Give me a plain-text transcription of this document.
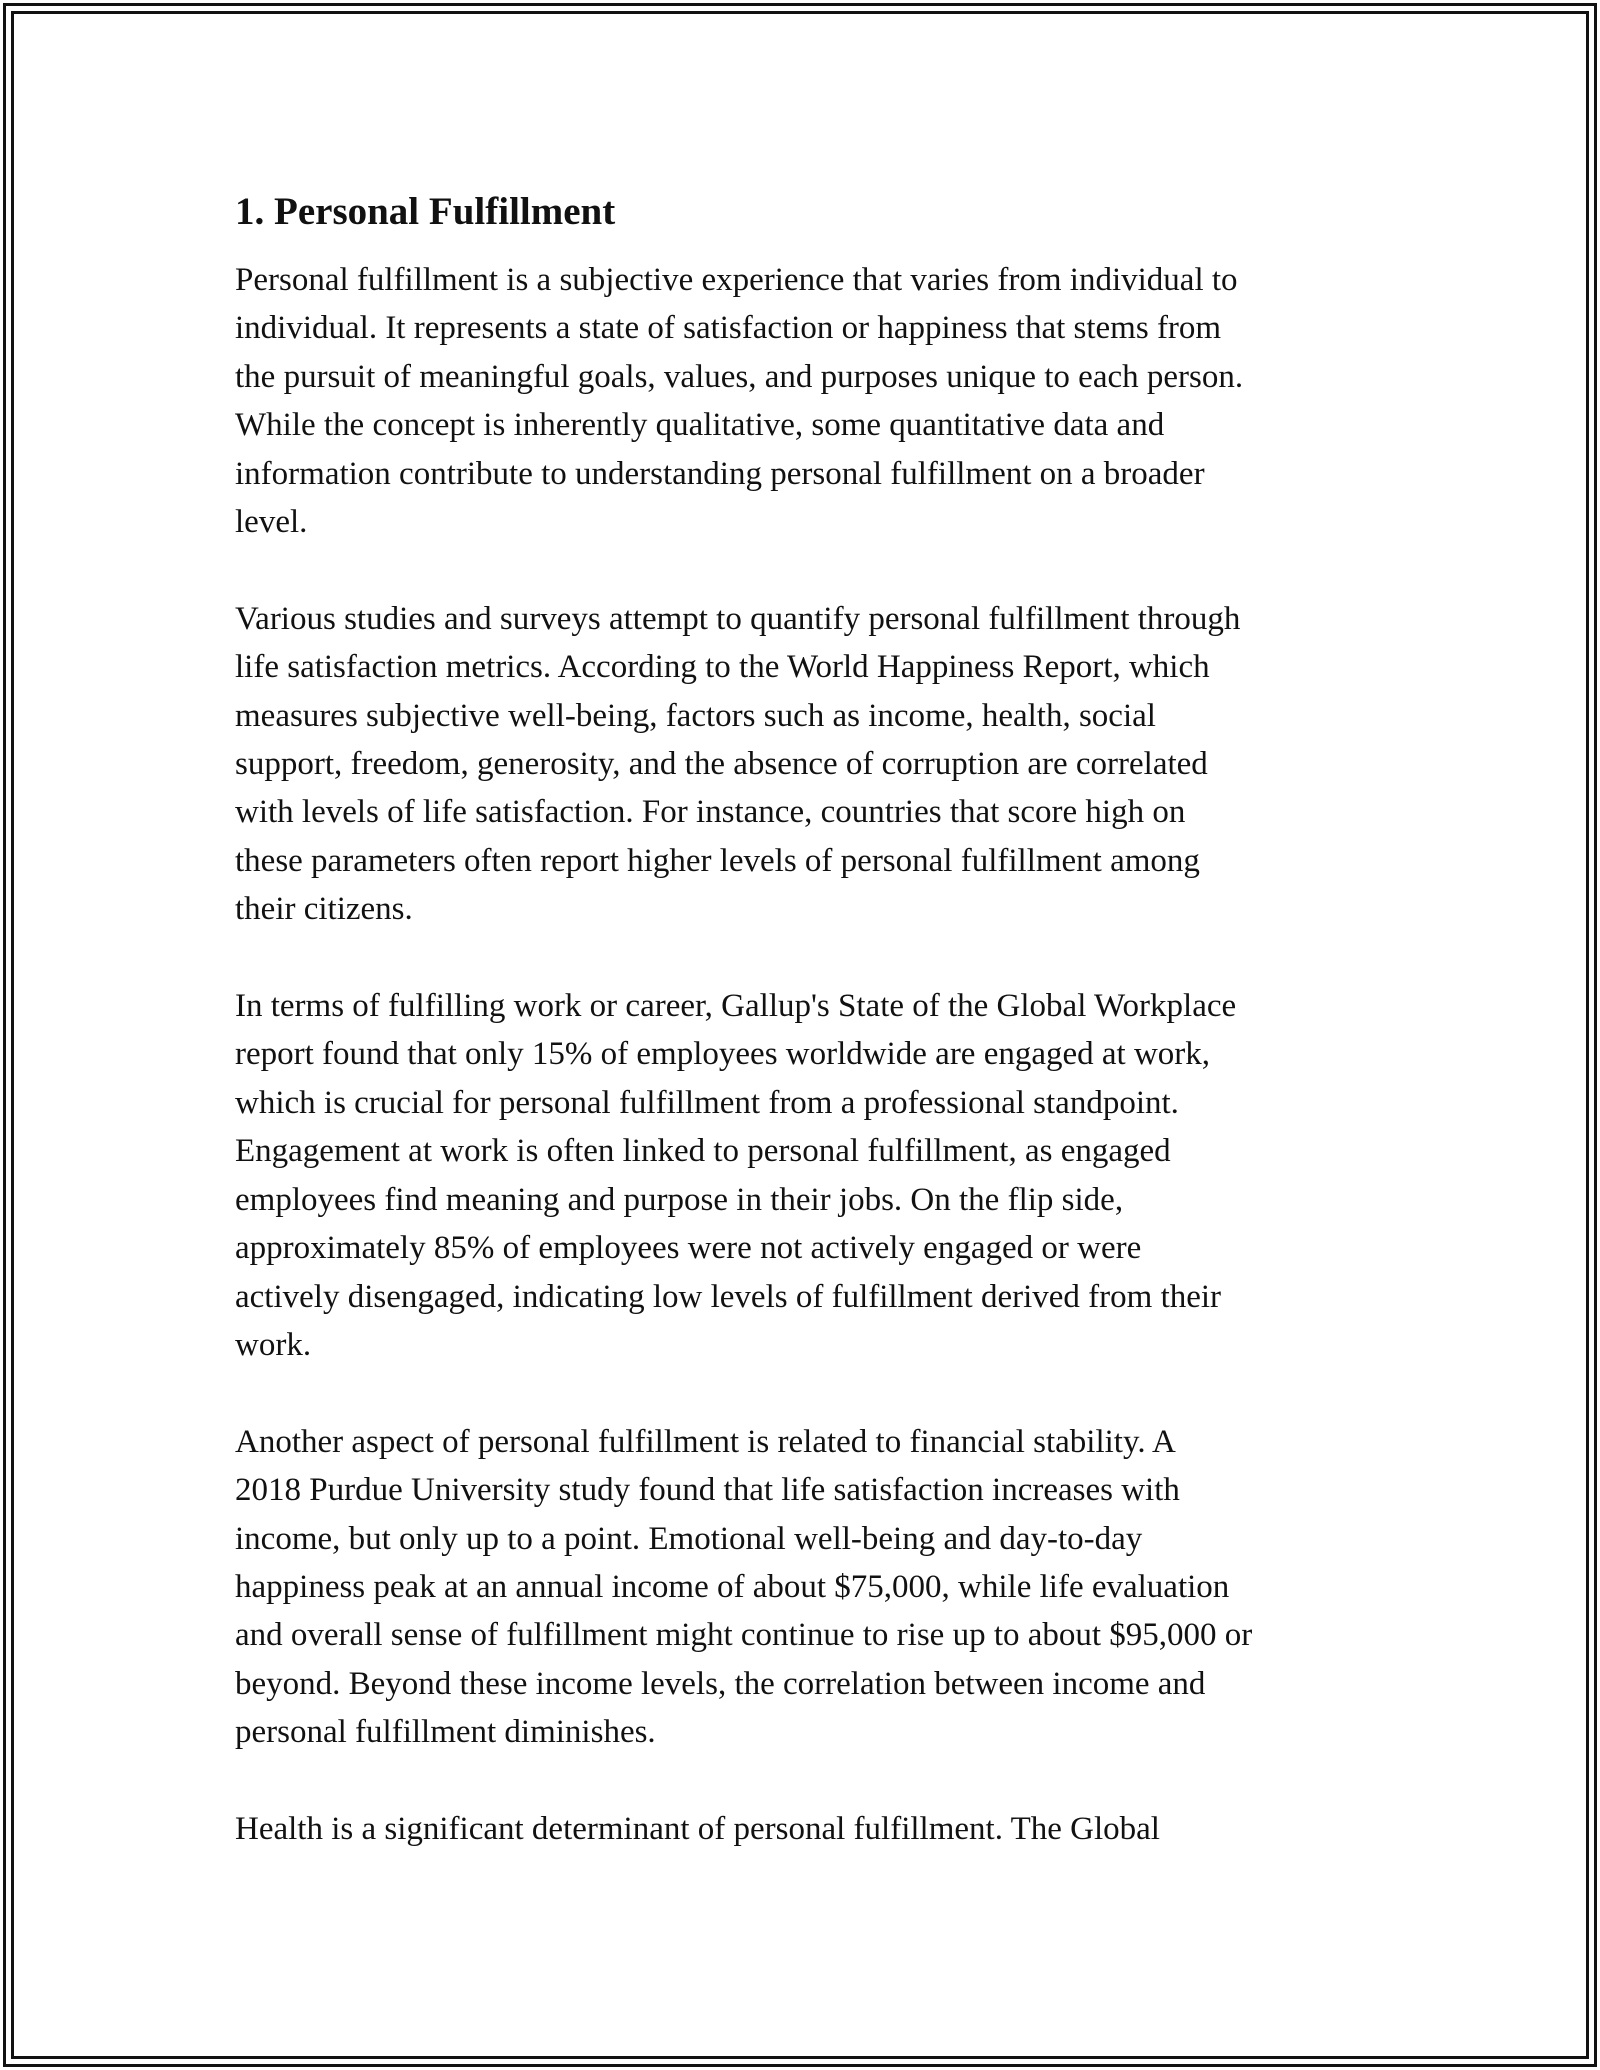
1. Personal Fulfillment
Personal fulfillment is a subjective experience that varies from individual to
individual. It represents a state of satisfaction or happiness that stems from
the pursuit of meaningful goals, values, and purposes unique to each person.
While the concept is inherently qualitative, some quantitative data and
information contribute to understanding personal fulfillment on a broader
level.
Various studies and surveys attempt to quantify personal fulfillment through
life satisfaction metrics. According to the World Happiness Report, which
measures subjective well-being, factors such as income, health, social
support, freedom, generosity, and the absence of corruption are correlated
with levels of life satisfaction. For instance, countries that score high on
these parameters often report higher levels of personal fulfillment among
their citizens.
In terms of fulfilling work or career, Gallup's State of the Global Workplace
report found that only 15% of employees worldwide are engaged at work,
which is crucial for personal fulfillment from a professional standpoint.
Engagement at work is often linked to personal fulfillment, as engaged
employees find meaning and purpose in their jobs. On the flip side,
approximately 85% of employees were not actively engaged or were
actively disengaged, indicating low levels of fulfillment derived from their
work.
Another aspect of personal fulfillment is related to financial stability. A
2018 Purdue University study found that life satisfaction increases with
income, but only up to a point. Emotional well-being and day-to-day
happiness peak at an annual income of about $75,000, while life evaluation
and overall sense of fulfillment might continue to rise up to about $95,000 or
beyond. Beyond these income levels, the correlation between income and
personal fulfillment diminishes.
Health is a significant determinant of personal fulfillment. The Global
